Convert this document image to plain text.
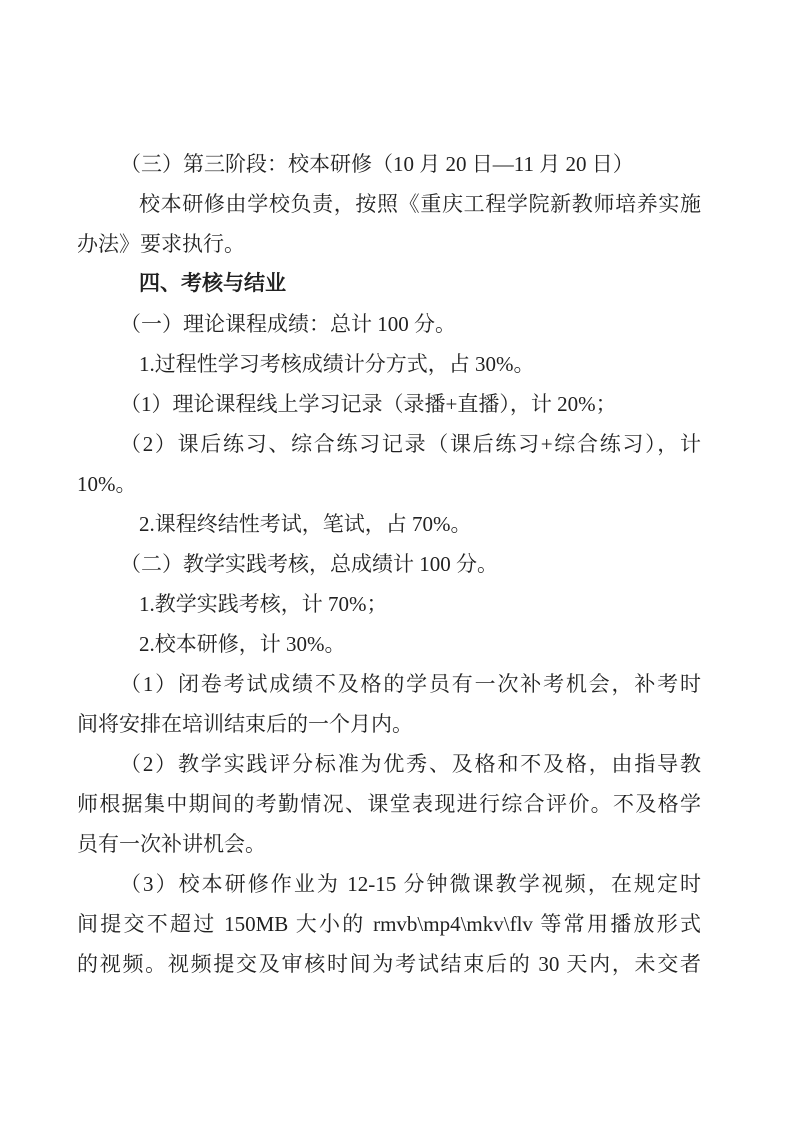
（三）第三阶段：校本研修（10 月 20 日—11 月 20 日）
校本研修由学校负责，按照《重庆工程学院新教师培养实施
办法》要求执行。
四、考核与结业
（一）理论课程成绩：总计 100 分。
1.过程性学习考核成绩计分方式，占 30%。
（1）理论课程线上学习记录（录播+直播），计 20%；
（2）课后练习、综合练习记录（课后练习+综合练习），计
10%。
2.课程终结性考试，笔试，占 70%。
（二）教学实践考核，总成绩计 100 分。
1.教学实践考核，计 70%；
2.校本研修，计 30%。
（1）闭卷考试成绩不及格的学员有一次补考机会，补考时
间将安排在培训结束后的一个月内。
（2）教学实践评分标准为优秀、及格和不及格，由指导教
师根据集中期间的考勤情况、课堂表现进行综合评价。不及格学
员有一次补讲机会。
（3）校本研修作业为 12-15 分钟微课教学视频，在规定时
间提交不超过 150MB 大小的 rmvb\mp4\mkv\flv 等常用播放形式
的视频。视频提交及审核时间为考试结束后的 30 天内，未交者
